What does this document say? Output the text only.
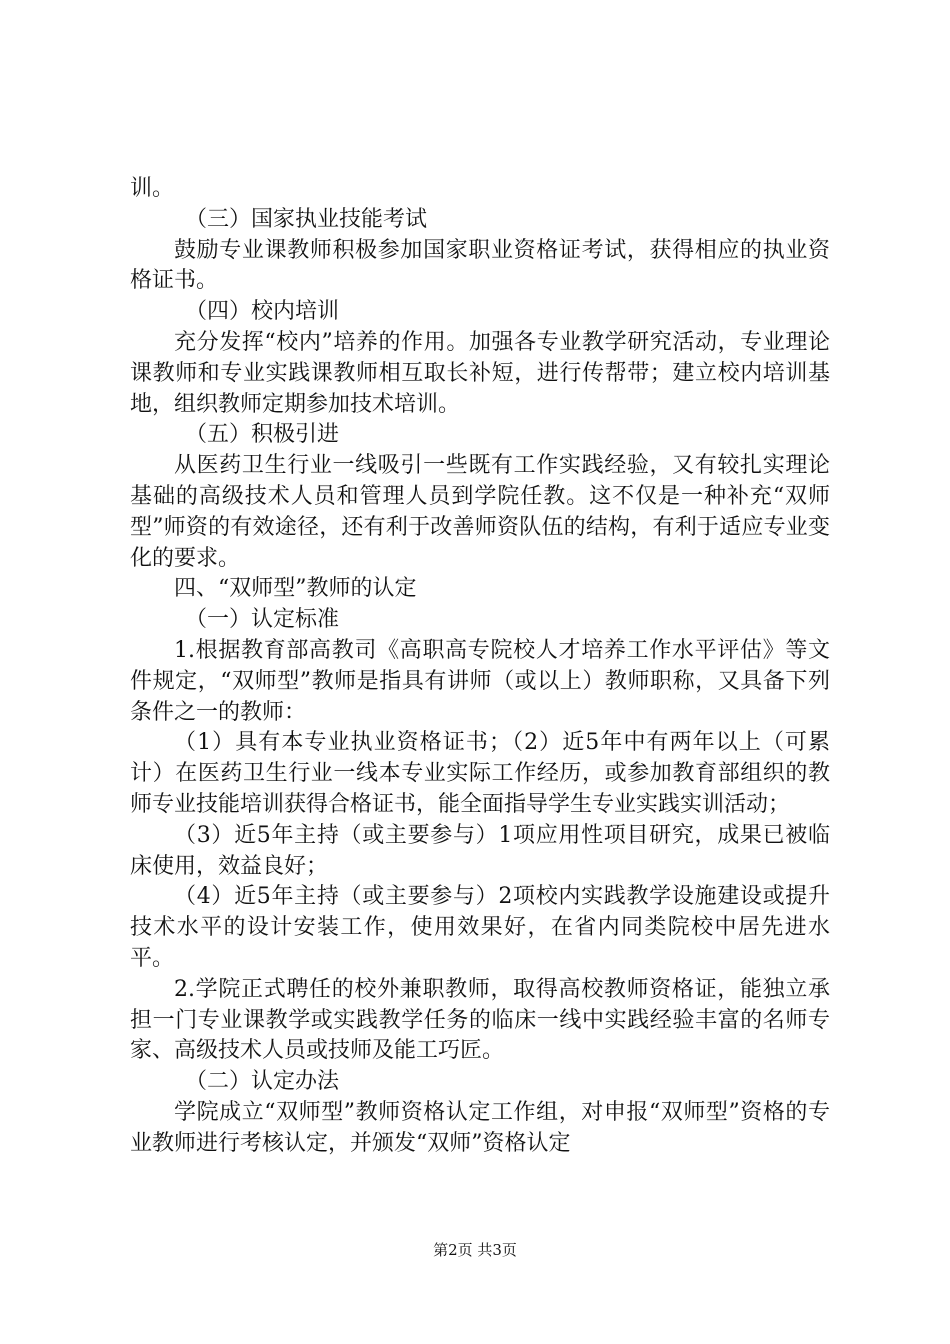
训。

（三）国家执业技能考试

鼓励专业课教师积极参加国家职业资格证考试，获得相应的执业资格证书。

（四）校内培训

充分发挥“校内”培养的作用。加强各专业教学研究活动，专业理论课教师和专业实践课教师相互取长补短，进行传帮带；建立校内培训基地，组织教师定期参加技术培训。

（五）积极引进

从医药卫生行业一线吸引一些既有工作实践经验，又有较扎实理论基础的高级技术人员和管理人员到学院任教。这不仅是一种补充“双师型”师资的有效途径，还有利于改善师资队伍的结构，有利于适应专业变化的要求。

四、“双师型”教师的认定

（一）认定标准

1.根据教育部高教司《高职高专院校人才培养工作水平评估》等文件规定，“双师型”教师是指具有讲师（或以上）教师职称，又具备下列条件之一的教师：

（1）具有本专业执业资格证书；（2）近5年中有两年以上（可累计）在医药卫生行业一线本专业实际工作经历，或参加教育部组织的教师专业技能培训获得合格证书，能全面指导学生专业实践实训活动；

（3）近5年主持（或主要参与）1项应用性项目研究，成果已被临床使用，效益良好；

（4）近5年主持（或主要参与）2项校内实践教学设施建设或提升技术水平的设计安装工作，使用效果好，在省内同类院校中居先进水平。

2.学院正式聘任的校外兼职教师，取得高校教师资格证，能独立承担一门专业课教学或实践教学任务的临床一线中实践经验丰富的名师专家、高级技术人员或技师及能工巧匠。

（二）认定办法

学院成立“双师型”教师资格认定工作组，对申报“双师型”资格的专业教师进行考核认定，并颁发“双师”资格认定

第2页 共3页
